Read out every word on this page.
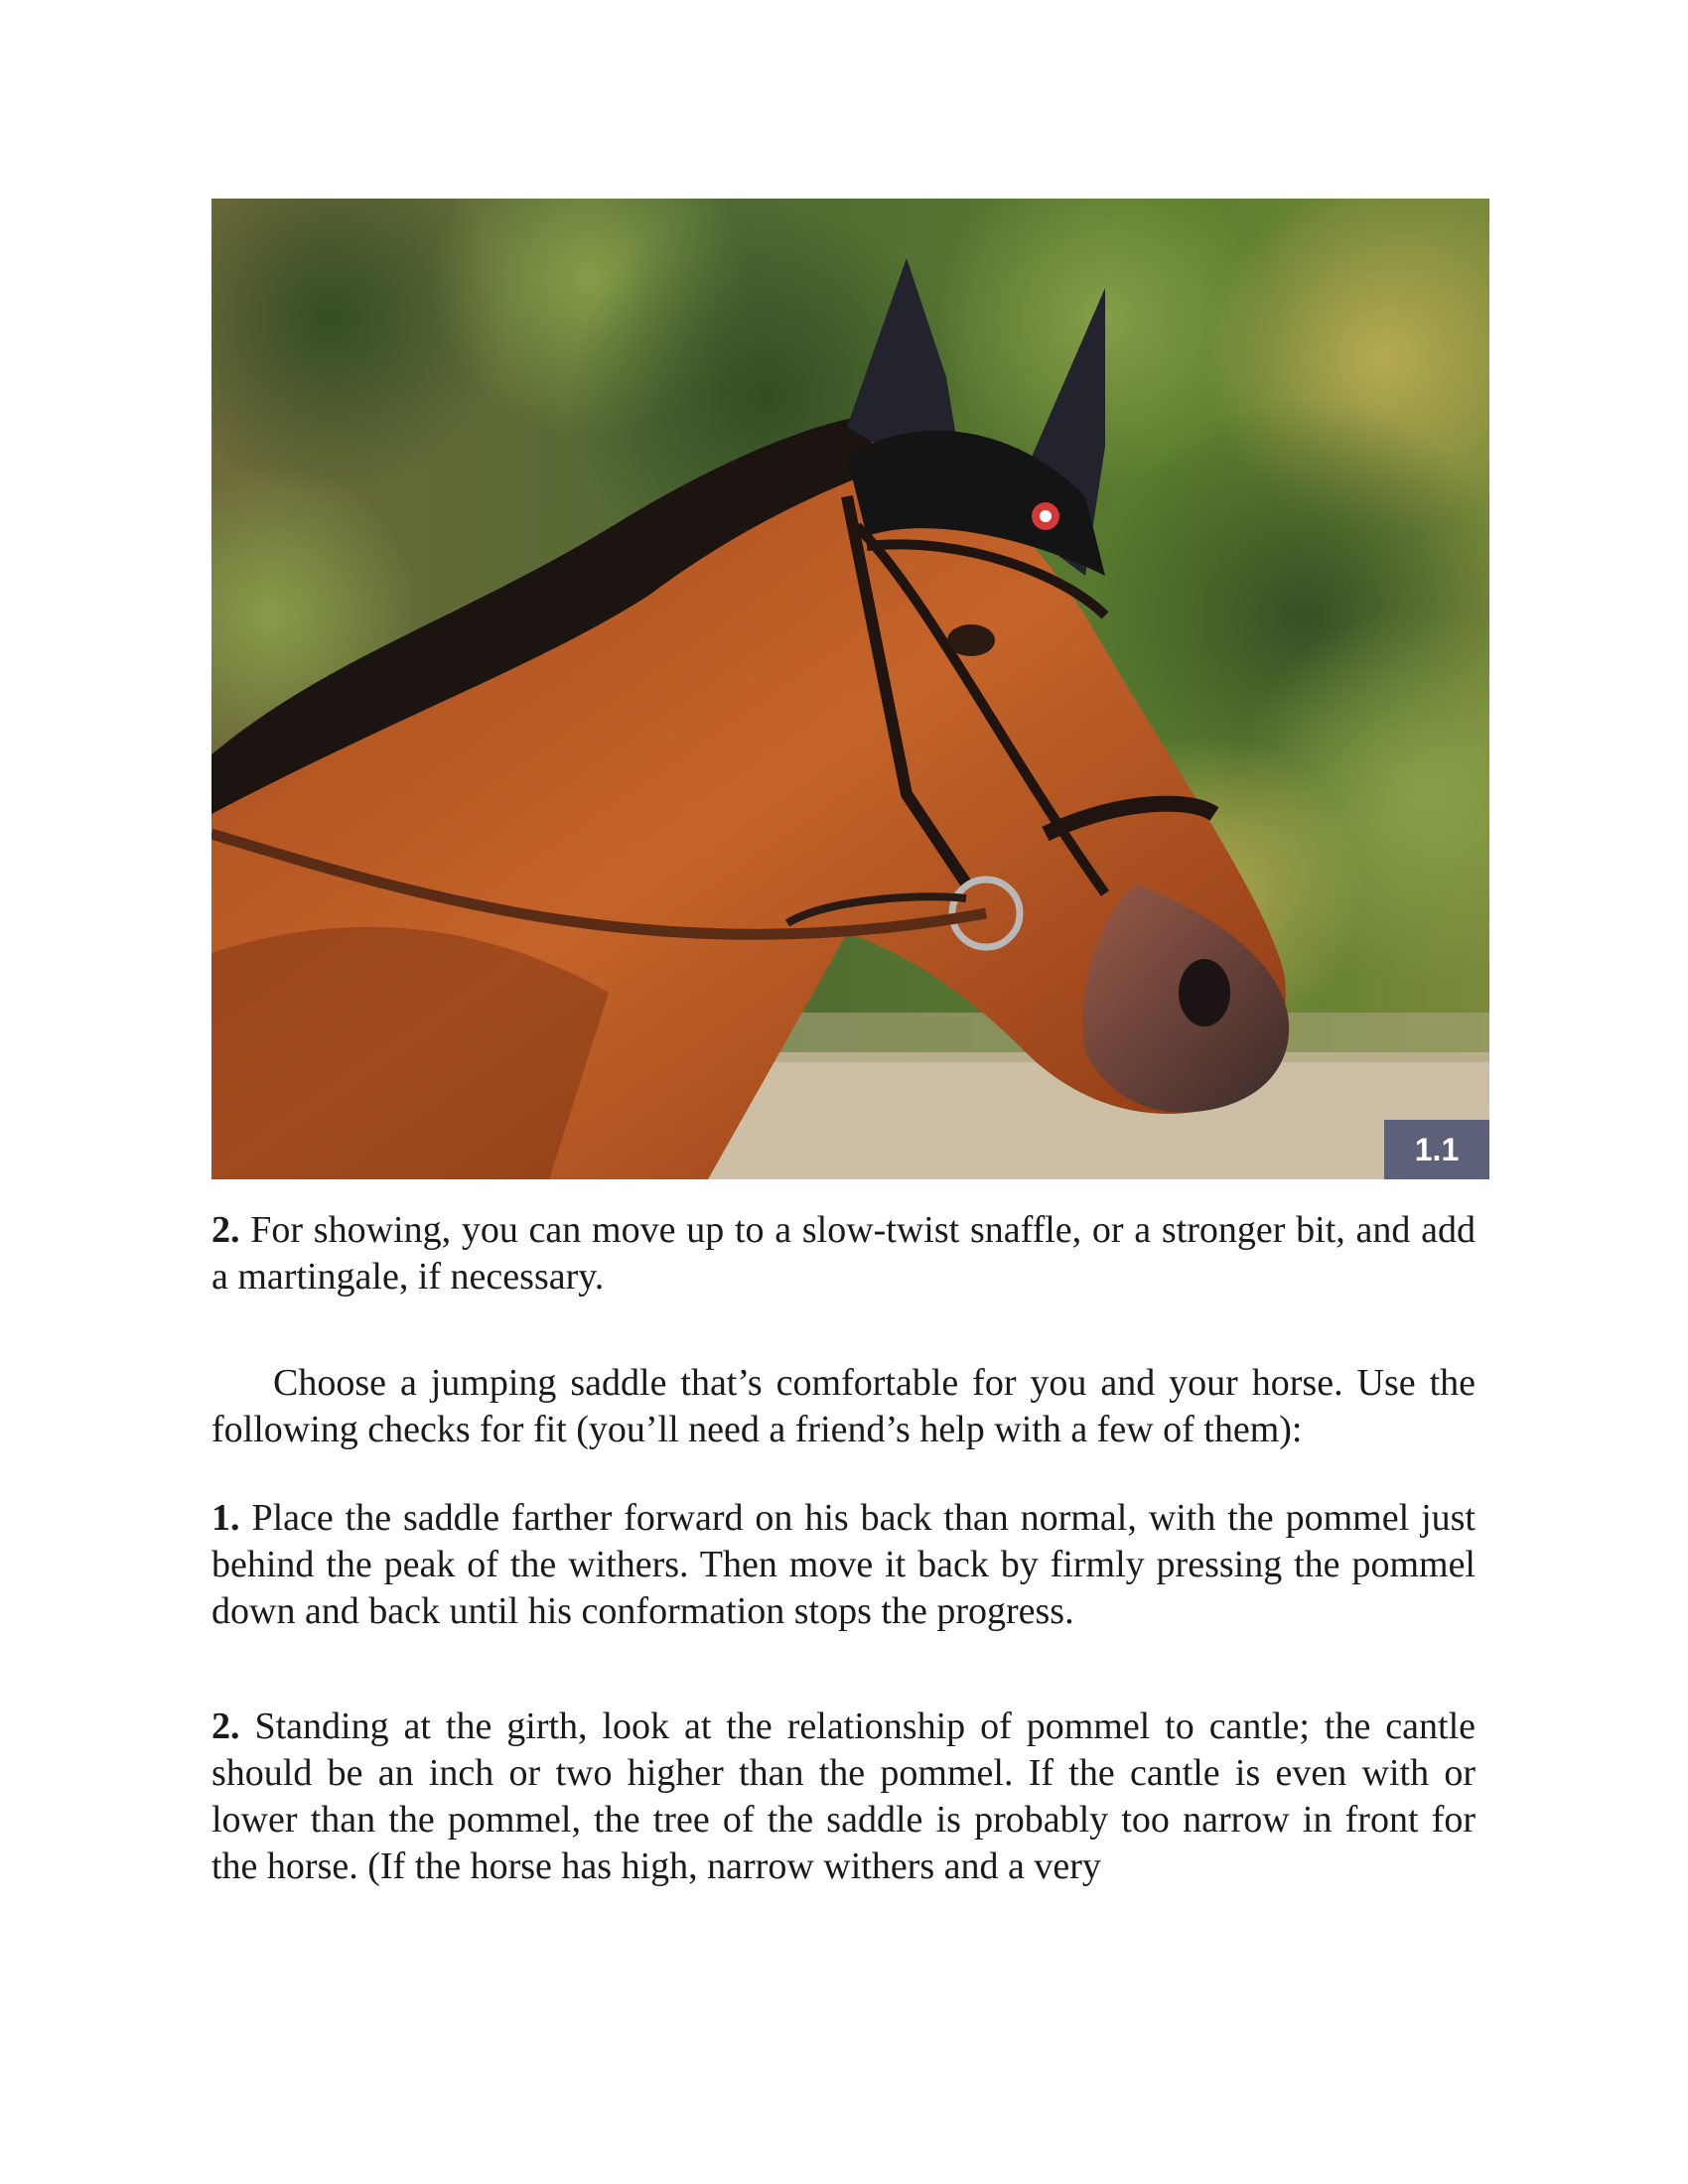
1.1

2. For showing, you can move up to a slow-twist snaffle, or a stronger bit, and add a martingale, if necessary.

Choose a jumping saddle that’s comfortable for you and your horse. Use the following checks for fit (you’ll need a friend’s help with a few of them):

1. Place the saddle farther forward on his back than normal, with the pommel just behind the peak of the withers. Then move it back by firmly pressing the pommel down and back until his conformation stops the progress.

2. Standing at the girth, look at the relationship of pommel to cantle; the cantle should be an inch or two higher than the pommel. If the cantle is even with or lower than the pommel, the tree of the saddle is probably too narrow in front for the horse. (If the horse has high, narrow withers and a very
